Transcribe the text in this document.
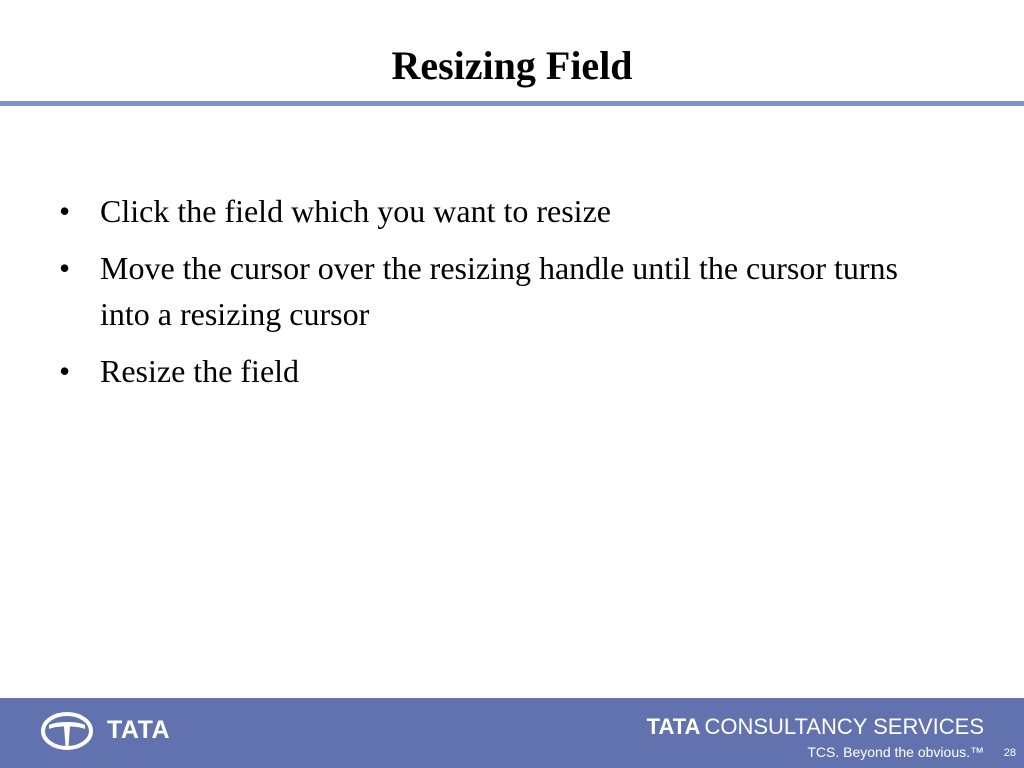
Resizing Field
• Click the field which you want to resize
• Move the cursor over the resizing handle until the cursor turns into a resizing cursor
• Resize the field
TATA	TATA CONSULTANCY SERVICES
TCS. Beyond the obvious.™ 28
